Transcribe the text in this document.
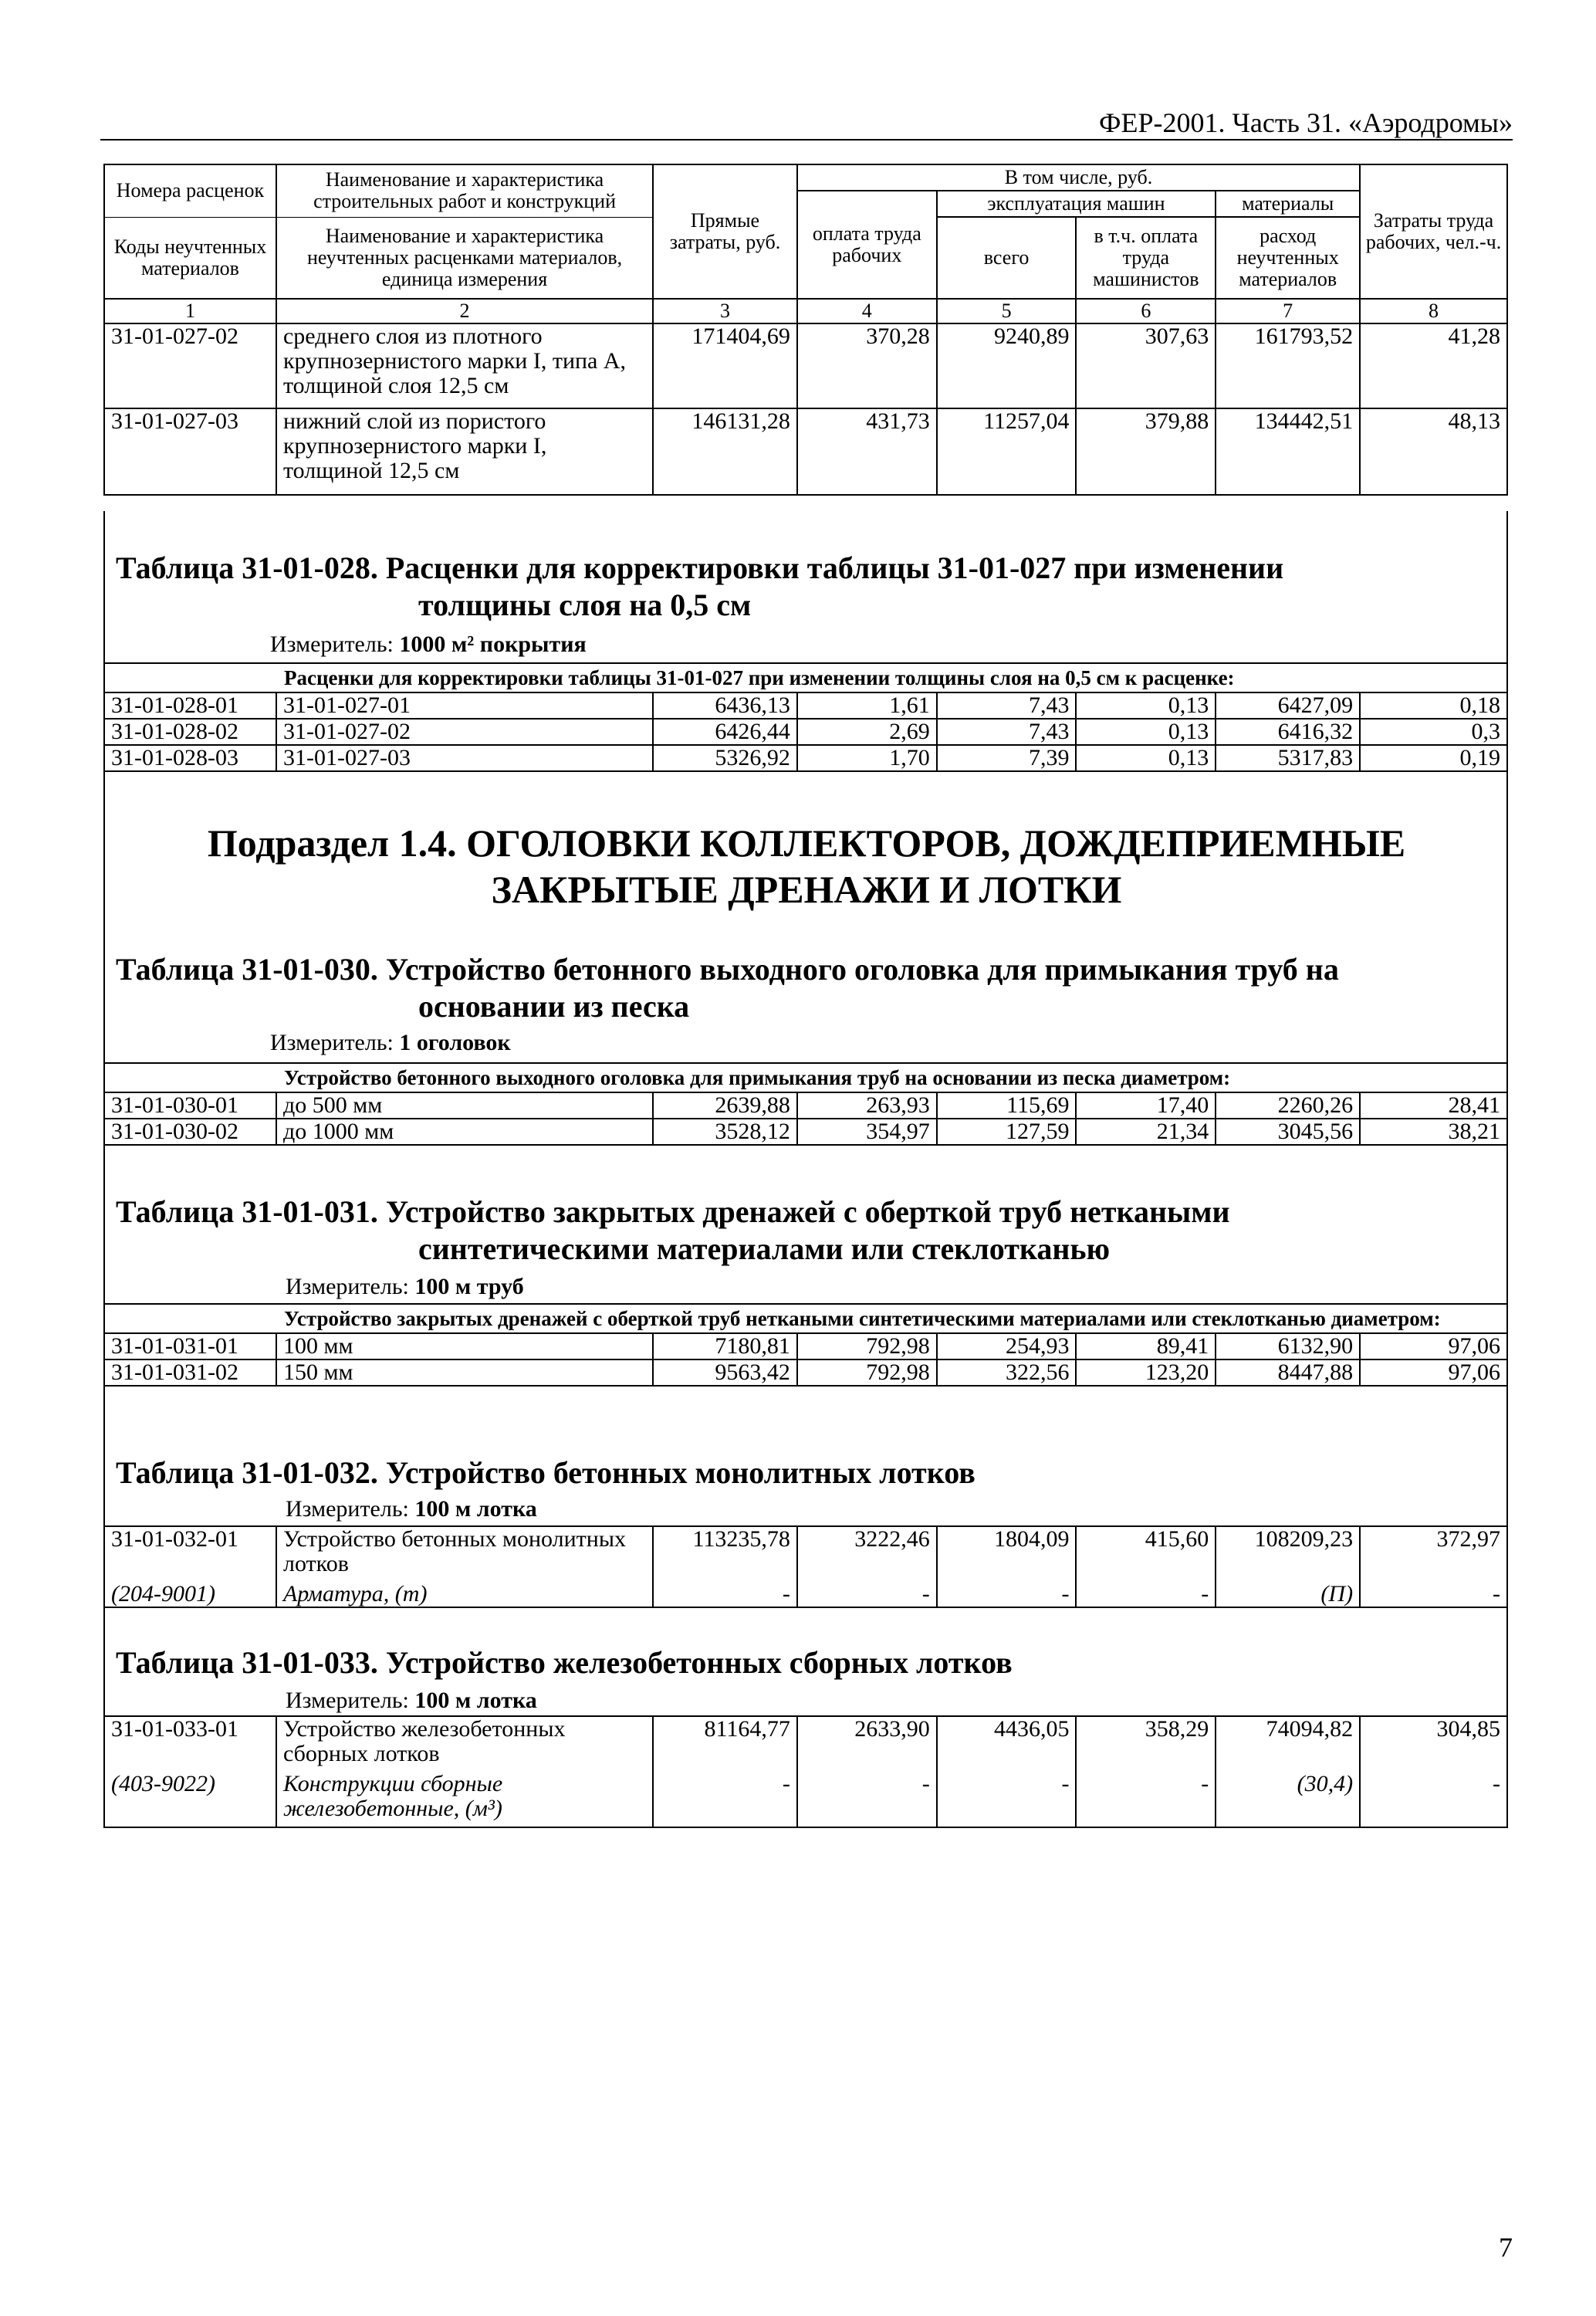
ФЕР-2001. Часть 31. «Аэродромы»
Номера расценок	Наименование и характеристика строительных работ и конструкций	Прямые затраты, руб.	В том числе, руб.				Затраты труда рабочих, чел.-ч.
			оплата труда рабочих	эксплуатация машин		материалы	
Коды неучтенных материалов	Наименование и характеристика неучтенных расценками материалов, единица измерения			всего	в т.ч. оплата труда машинистов	расход неучтенных материалов	

1	2	3	4	5	6	7	8
31-01-027-02	среднего слоя из плотного крупнозернистого марки I, типа А, толщиной слоя 12,5 см	171404,69	370,28	9240,89	307,63	161793,52	41,28
31-01-027-03	нижний слой из пористого крупнозернистого марки I, толщиной 12,5 см	146131,28	431,73	11257,04	379,88	134442,51	48,13
Таблица 31-01-028. Расценки для корректировки таблицы 31-01-027 при изменении
толщины слоя на 0,5 см
Измеритель: 1000 м² покрытия
	Расценки для корректировки таблицы 31-01-027 при изменении толщины слоя на 0,5 см к расценке:						
31-01-028-01	31-01-027-01	6436,13	1,61	7,43	0,13	6427,09	0,18
31-01-028-02	31-01-027-02	6426,44	2,69	7,43	0,13	6416,32	0,3
31-01-028-03	31-01-027-03	5326,92	1,70	7,39	0,13	5317,83	0,19
Подраздел 1.4. ОГОЛОВКИ КОЛЛЕКТОРОВ, ДОЖДЕПРИЕМНЫЕ
ЗАКРЫТЫЕ ДРЕНАЖИ И ЛОТКИ
Таблица 31-01-030. Устройство бетонного выходного оголовка для примыкания труб на
основании из песка
Измеритель: 1 оголовок
	Устройство бетонного выходного оголовка для примыкания труб на основании из песка диаметром:						
31-01-030-01	до 500 мм	2639,88	263,93	115,69	17,40	2260,26	28,41
31-01-030-02	до 1000 мм	3528,12	354,97	127,59	21,34	3045,56	38,21
Таблица 31-01-031. Устройство закрытых дренажей с оберткой труб неткаными
синтетическими материалами или стеклотканью
Измеритель: 100 м труб
	Устройство закрытых дренажей с оберткой труб неткаными синтетическими материалами или стеклотканью диаметром:						
31-01-031-01	100 мм	7180,81	792,98	254,93	89,41	6132,90	97,06
31-01-031-02	150 мм	9563,42	792,98	322,56	123,20	8447,88	97,06
Таблица 31-01-032. Устройство бетонных монолитных лотков
Измеритель: 100 м лотка
31-01-032-01	Устройство бетонных монолитных лотков	113235,78	3222,46	1804,09	415,60	108209,23	372,97
(204-9001)	Арматура, (т)	-	-	-	-	(П)	-
Таблица 31-01-033. Устройство железобетонных сборных лотков
Измеритель: 100 м лотка
31-01-033-01	Устройство железобетонных сборных лотков	81164,77	2633,90	4436,05	358,29	74094,82	304,85
(403-9022)	Конструкции сборные железобетонные, (м³)	-	-	-	-	(30,4)	-
7
